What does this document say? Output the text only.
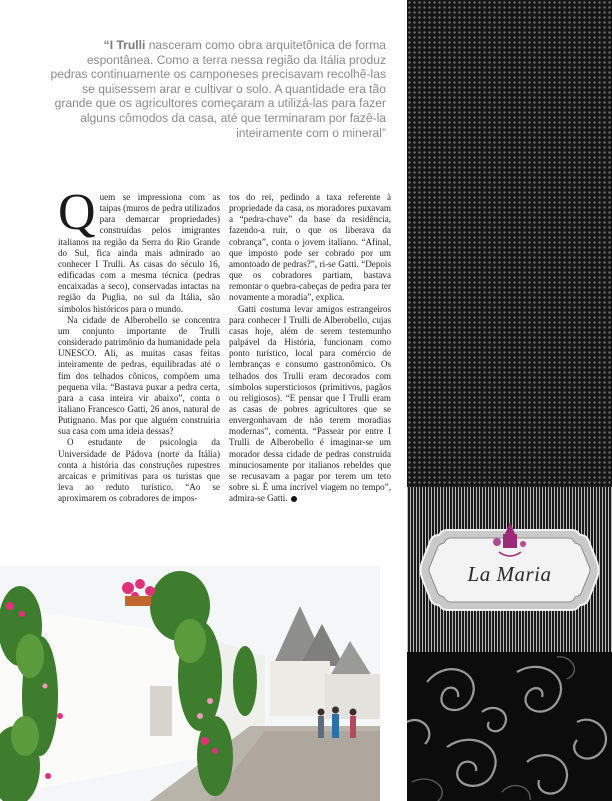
“I Trulli nasceram como obra arquitetônica de forma espontânea. Como a terra nessa região da Itália produz pedras continuamente os camponeses precisavam recolhê-las se quisessem arar e cultivar o solo. A quantidade era tão grande que os agricultores começaram a utilizá-las para fazer alguns cômodos da casa, até que terminaram por fazê-la inteiramente com o mineral”

Quem se impressiona com as taipas (muros de pedra utilizados para demarcar propriedades) construídas pelos imigrantes italianos na região da Serra do Rio Grande do Sul, fica ainda mais admirado ao conhecer I Trulli. As casas do século 16, edificadas com a mesma técnica (pedras encaixadas a seco), conservadas intactas na região da Puglia, no sul da Itália, são símbolos históricos para o mundo.

Na cidade de Alberobello se concentra um conjunto importante de Trulli considerado patrimônio da humanidade pela UNESCO. Ali, as muitas casas feitas inteiramente de pedras, equilibradas até o fim dos telhados cônicos, compõem uma pequena vila. “Bastava puxar a pedra certa, para a casa inteira vir abaixo”, conta o italiano Francesco Gatti, 26 anos, natural de Putignano. Mas por que alguém construiria sua casa com uma ideia dessas?

O estudante de psicologia da Universidade de Pádova (norte da Itália) conta a história das construções rupestres arcaicas e primitivas para os turistas que leva ao reduto turístico. “Ao se aproximarem os cobradores de impos-

tos do rei, pedindo a taxa referente à propriedade da casa, os moradores puxavam a “pedra-chave” da base da residência, fazendo-a ruir, o que os liberava da cobrança”, conta o jovem italiano. “Afinal, que imposto pode ser cobrado por um amontoado de pedras?”, ri-se Gatti. “Depois que os cobradores partiam, bastava remontar o quebra-cabeças de pedra para ter novamente a moradia”, explica.

Gatti costuma levar amigos estrangeiros para conhecer I Trulli de Alberobello, cujas casas hoje, além de serem testemunho palpável da História, funcionam como ponto turístico, local para comércio de lembranças e consumo gastronômico. Os telhados dos Trulli eram decorados com símbolos supersticiosos (primitivos, pagãos ou religiosos). “E pensar que I Trulli eram as casas de pobres agricultores que se envergonhavam de não terem moradias modernas”, comenta. “Passear por entre I Trulli de Alberobello é imaginar-se um morador dessa cidade de pedras construída minuciosamente por italianos rebeldes que se recusavam a pagar por terem um teto sobre si. É uma incrível viagem no tempo”, admira-se Gatti.

La Maria
